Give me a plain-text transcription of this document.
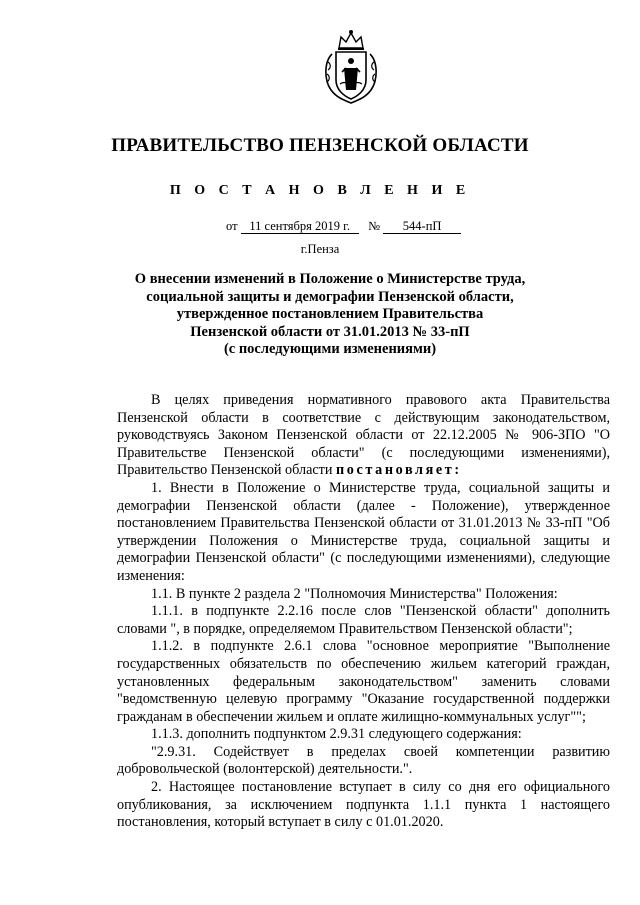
ПРАВИТЕЛЬСТВО ПЕНЗЕНСКОЙ ОБЛАСТИ
П О С Т А Н О В Л Е Н И Е
от 11 сентября 2019 г. № 544-пП
г.Пенза
О внесении изменений в Положение о Министерстве труда,
социальной защиты и демографии Пензенской области,
утвержденное постановлением Правительства
Пензенской области от 31.01.2013 № 33-пП
(с последующими изменениями)

В целях приведения нормативного правового акта Правительства Пензенской области в соответствие с действующим законодательством, руководствуясь Законом Пензенской области от 22.12.2005 № 906-ЗПО "О Правительстве Пензенской области" (с последующими изменениями), Правительство Пензенской области постановляет:

1. Внести в Положение о Министерстве труда, социальной защиты и демографии Пензенской области (далее - Положение), утвержденное постановлением Правительства Пензенской области от 31.01.2013 № 33-пП "Об утверждении Положения о Министерстве труда, социальной защиты и демографии Пензенской области" (с последующими изменениями), следующие изменения:

1.1. В пункте 2 раздела 2 "Полномочия Министерства" Положения:

1.1.1. в подпункте 2.2.16 после слов "Пензенской области" дополнить словами ", в порядке, определяемом Правительством Пензенской области";

1.1.2. в подпункте 2.6.1 слова "основное мероприятие "Выполнение государственных обязательств по обеспечению жильем категорий граждан, установленных федеральным законодательством" заменить словами "ведомственную целевую программу "Оказание государственной поддержки гражданам в обеспечении жильем и оплате жилищно-коммунальных услуг"";

1.1.3. дополнить подпунктом 2.9.31 следующего содержания:

"2.9.31. Содействует в пределах своей компетенции развитию добровольческой (волонтерской) деятельности.".

2. Настоящее постановление вступает в силу со дня его официального опубликования, за исключением подпункта 1.1.1 пункта 1 настоящего постановления, который вступает в силу с 01.01.2020.
